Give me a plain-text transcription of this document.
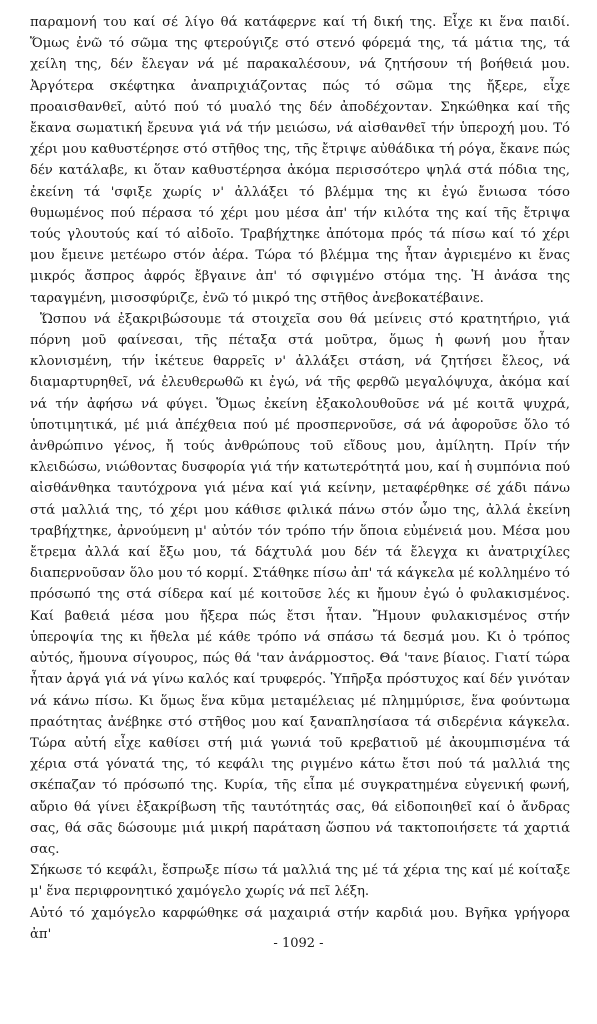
παραμονή του καί σέ λίγο θά κατάφερνε καί τή δική της. Εἶχε κι ἕνα παιδί. Ὅμως ἐνῶ τό σῶμα της φτερούγιζε στό στενό φόρεμά της, τά μάτια της, τά χείλη της, δέν ἔλεγαν νά μέ παρακαλέσουν, νά ζητήσουν τή βοήθειά μου. Ἀργότερα σκέφτηκα ἀναπριχιάζοντας πώς τό σῶμα της ἤξερε, εἶχε προαισθανθεῖ, αὐτό πού τό μυαλό της δέν ἀποδέχονταν. Σηκώθηκα καί τῆς ἔκανα σωματική ἔρευνα γιά νά τήν μειώσω, νά αἰσθανθεῖ τήν ὑπεροχή μου. Τό χέρι μου καθυστέρησε στό στῆθος της, τῆς ἔτριψε αὐθάδικα τή ρόγα, ἔκανε πώς δέν κατάλαβε, κι ὅταν καθυστέρησα ἀκόμα περισσότερο ψηλά στά πόδια της, ἐκείνη τά 'σφιξε χωρίς ν' ἀλλάξει τό βλέμμα της κι ἐγώ ἔνιωσα τόσο θυμωμένος πού πέρασα τό χέρι μου μέσα ἀπ' τήν κιλότα της καί τῆς ἔτριψα τούς γλουτούς καί τό αἰδοῖο. Τραβήχτηκε ἀπότομα πρός τά πίσω καί τό χέρι μου ἔμεινε μετέωρο στόν ἀέρα. Τώρα τό βλέμμα της ἦταν ἀγριεμένο κι ἕνας μικρός ἄσπρος ἀφρός ἔβγαινε ἀπ' τό σφιγμένο στόμα της. Ἡ ἀνάσα της ταραγμένη, μισοσφύριζε, ἐνῶ τό μικρό της στῆθος ἀνεβοκατέβαινε.

Ὥσπου νά ἐξακριβώσουμε τά στοιχεῖα σου θά μείνεις στό κρατητήριο, γιά πόρνη μοῦ φαίνεσαι, τῆς πέταξα στά μοῦτρα, ὅμως ἡ φωνή μου ἦταν κλονισμένη, τήν ἱκέτευε θαρρεῖς ν' ἀλλάξει στάση, νά ζητήσει ἔλεος, νά διαμαρτυρηθεῖ, νά ἐλευθερωθῶ κι ἐγώ, νά τῆς φερθῶ μεγαλόψυχα, ἀκόμα καί νά τήν ἀφήσω νά φύγει. Ὅμως ἐκείνη ἐξακολουθοῦσε νά μέ κοιτᾶ ψυχρά, ὑποτιμητικά, μέ μιά ἀπέχθεια πού μέ προσπερνοῦσε, σά νά ἀφοροῦσε ὅλο τό ἀνθρώπινο γένος, ἤ τούς ἀνθρώπους τοῦ εἴδους μου, ἀμίλητη. Πρίν τήν κλειδώσω, νιώθοντας δυσφορία γιά τήν κατωτερότητά μου, καί ἡ συμπόνια πού αἰσθάνθηκα ταυτόχρονα γιά μένα καί γιά κείνην, μεταφέρθηκε σέ χάδι πάνω στά μαλλιά της, τό χέρι μου κάθισε φιλικά πάνω στόν ὦμο της, ἀλλά ἐκείνη τραβήχτηκε, ἀρνούμενη μ' αὐτόν τόν τρόπο τήν ὅποια εὐμένειά μου. Μέσα μου ἔτρεμα ἀλλά καί ἔξω μου, τά δάχτυλά μου δέν τά ἔλεγχα κι ἀνατριχίλες διαπερνοῦσαν ὅλο μου τό κορμί. Στάθηκε πίσω ἀπ' τά κάγκελα μέ κολλημένο τό πρόσωπό της στά σίδερα καί μέ κοιτοῦσε λές κι ἤμουν ἐγώ ὁ φυλακισμένος. Καί βαθειά μέσα μου ἤξερα πώς ἔτσι ἦταν. Ἤμουν φυλακισμένος στήν ὑπεροψία της κι ἤθελα μέ κάθε τρόπο νά σπάσω τά δεσμά μου. Κι ὁ τρόπος αὐτός, ἤμουνα σίγουρος, πώς θά 'ταν ἀνάρμοστος. Θά 'τανε βίαιος. Γιατί τώρα ἦταν ἀργά γιά νά γίνω καλός καί τρυφερός. Ὑπῆρξα πρόστυχος καί δέν γινόταν νά κάνω πίσω. Κι ὅμως ἕνα κῦμα μεταμέλειας μέ πλημμύρισε, ἕνα φούντωμα πραότητας ἀνέβηκε στό στῆθος μου καί ξαναπλησίασα τά σιδερένια κάγκελα. Τώρα αὐτή εἶχε καθίσει στή μιά γωνιά τοῦ κρεβατιοῦ μέ ἀκουμπισμένα τά χέρια στά γόνατά της, τό κεφάλι της ριγμένο κάτω ἔτσι πού τά μαλλιά της σκέπαζαν τό πρόσωπό της. Κυρία, τῆς εἶπα μέ συγκρατημένα εὐγενική φωνή, αὔριο θά γίνει ἐξακρίβωση τῆς ταυτότητάς σας, θά εἰδοποιηθεῖ καί ὁ ἄνδρας σας, θά σᾶς δώσουμε μιά μικρή παράταση ὥσπου νά τακτοποιήσετε τά χαρτιά σας.

Σήκωσε τό κεφάλι, ἔσπρωξε πίσω τά μαλλιά της μέ τά χέρια της καί μέ κοίταξε μ' ἕνα περιφρονητικό χαμόγελο χωρίς νά πεῖ λέξη.

Αὐτό τό χαμόγελο καρφώθηκε σά μαχαιριά στήν καρδιά μου. Βγῆκα γρήγορα ἀπ'

- 1092 -
